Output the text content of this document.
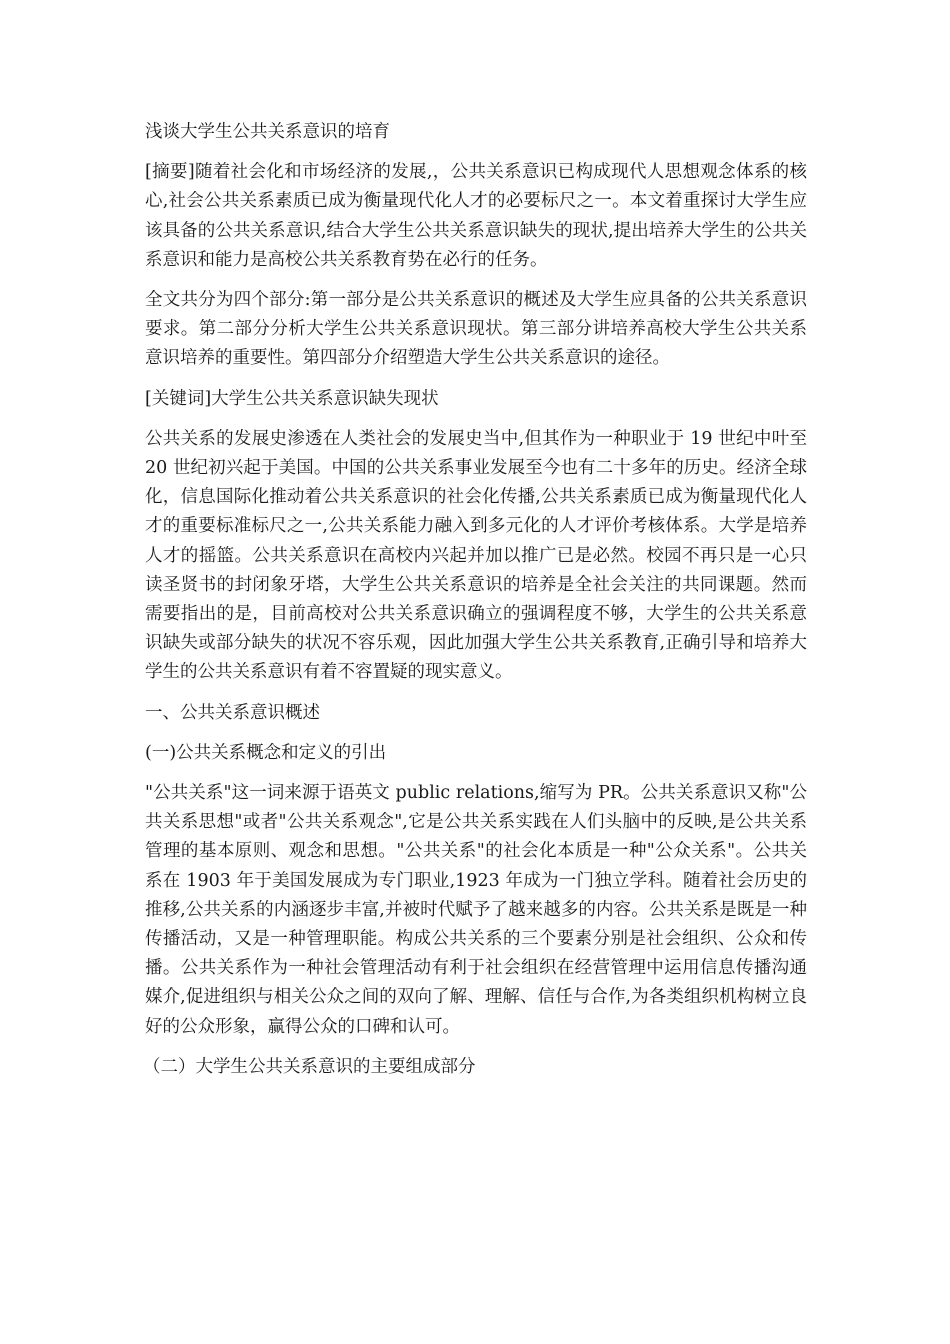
浅谈大学生公共关系意识的培育

[摘要]随着社会化和市场经济的发展,，公共关系意识已构成现代人思想观念体系的核心,社会公共关系素质已成为衡量现代化人才的必要标尺之一。本文着重探讨大学生应该具备的公共关系意识,结合大学生公共关系意识缺失的现状,提出培养大学生的公共关系意识和能力是高校公共关系教育势在必行的任务。

全文共分为四个部分:第一部分是公共关系意识的概述及大学生应具备的公共关系意识要求。第二部分分析大学生公共关系意识现状。第三部分讲培养高校大学生公共关系意识培养的重要性。第四部分介绍塑造大学生公共关系意识的途径。

[关键词]大学生公共关系意识缺失现状

公共关系的发展史渗透在人类社会的发展史当中,但其作为一种职业于 19 世纪中叶至 20 世纪初兴起于美国。中国的公共关系事业发展至今也有二十多年的历史。经济全球化，信息国际化推动着公共关系意识的社会化传播,公共关系素质已成为衡量现代化人才的重要标准标尺之一,公共关系能力融入到多元化的人才评价考核体系。大学是培养人才的摇篮。公共关系意识在高校内兴起并加以推广已是必然。校园不再只是一心只读圣贤书的封闭象牙塔，大学生公共关系意识的培养是全社会关注的共同课题。然而需要指出的是，目前高校对公共关系意识确立的强调程度不够，大学生的公共关系意识缺失或部分缺失的状况不容乐观，因此加强大学生公共关系教育,正确引导和培养大学生的公共关系意识有着不容置疑的现实意义。

一、公共关系意识概述

(一)公共关系概念和定义的引出

"公共关系"这一词来源于语英文 public relations,缩写为 PR。公共关系意识又称"公共关系思想"或者"公共关系观念",它是公共关系实践在人们头脑中的反映,是公共关系管理的基本原则、观念和思想。"公共关系"的社会化本质是一种"公众关系"。公共关系在 1903 年于美国发展成为专门职业,1923 年成为一门独立学科。随着社会历史的推移,公共关系的内涵逐步丰富,并被时代赋予了越来越多的内容。公共关系是既是一种传播活动，又是一种管理职能。构成公共关系的三个要素分别是社会组织、公众和传播。公共关系作为一种社会管理活动有利于社会组织在经营管理中运用信息传播沟通媒介,促进组织与相关公众之间的双向了解、理解、信任与合作,为各类组织机构树立良好的公众形象，赢得公众的口碑和认可。

（二）大学生公共关系意识的主要组成部分
